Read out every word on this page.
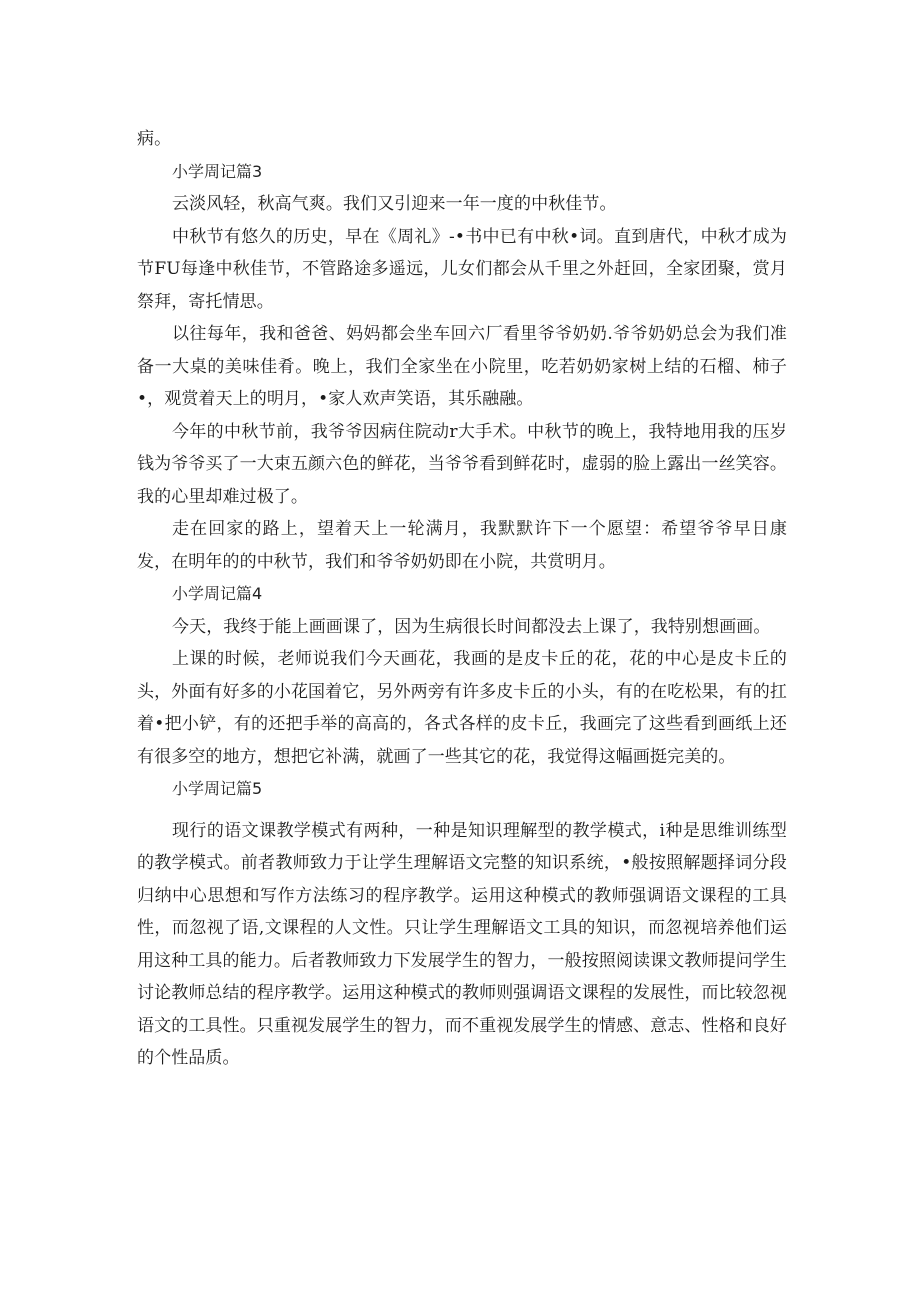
病。

小学周记篇3

云淡风轻，秋高气爽。我们又引迎来一年一度的中秋佳节。

中秋节有悠久的历史，早在《周礼》-•书中已有中秋•词。直到唐代，中秋才成为节FU每逢中秋佳节，不管路途多遥远，儿女们都会从千里之外赶回，全家团聚，赏月祭拜，寄托情思。

以往每年，我和爸爸、妈妈都会坐车回六厂看里爷爷奶奶.爷爷奶奶总会为我们准备一大桌的美味佳肴。晚上，我们全家坐在小院里，吃若奶奶家树上结的石榴、柿子•，观赏着天上的明月，•家人欢声笑语，其乐融融。

今年的中秋节前，我爷爷因病住院动r大手术。中秋节的晚上，我特地用我的压岁钱为爷爷买了一大束五颜六色的鲜花，当爷爷看到鲜花时，虚弱的脸上露出一丝笑容。我的心里却难过极了。

走在回家的路上，望着天上一轮满月，我默默许下一个愿望：希望爷爷早日康发，在明年的的中秋节，我们和爷爷奶奶即在小院，共赏明月。

小学周记篇4

今天，我终于能上画画课了，因为生病很长时间都没去上课了，我特别想画画。

上课的时候，老师说我们今天画花，我画的是皮卡丘的花，花的中心是皮卡丘的头，外面有好多的小花国着它，另外两旁有许多皮卡丘的小头，有的在吃松果，有的扛着•把小铲，有的还把手举的高高的，各式各样的皮卡丘，我画完了这些看到画纸上还有很多空的地方，想把它补满，就画了一些其它的花，我觉得这幅画挺完美的。

小学周记篇5

现行的语文课教学模式有两种，一种是知识理解型的教学模式，i种是思维训练型的教学模式。前者教师致力于让学生理解语文完整的知识系统，•般按照解题择词分段归纳中心思想和写作方法练习的程序教学。运用这种模式的教师强调语文课程的工具性，而忽视了语,文课程的人文性。只让学生理解语文工具的知识，而忽视培养他们运用这种工具的能力。后者教师致力下发展学生的智力，一般按照阅读课文教师提问学生讨论教师总结的程序教学。运用这种模式的教师则强调语文课程的发展性，而比较忽视语文的工具性。只重视发展学生的智力，而不重视发展学生的情感、意志、性格和良好的个性品质。
